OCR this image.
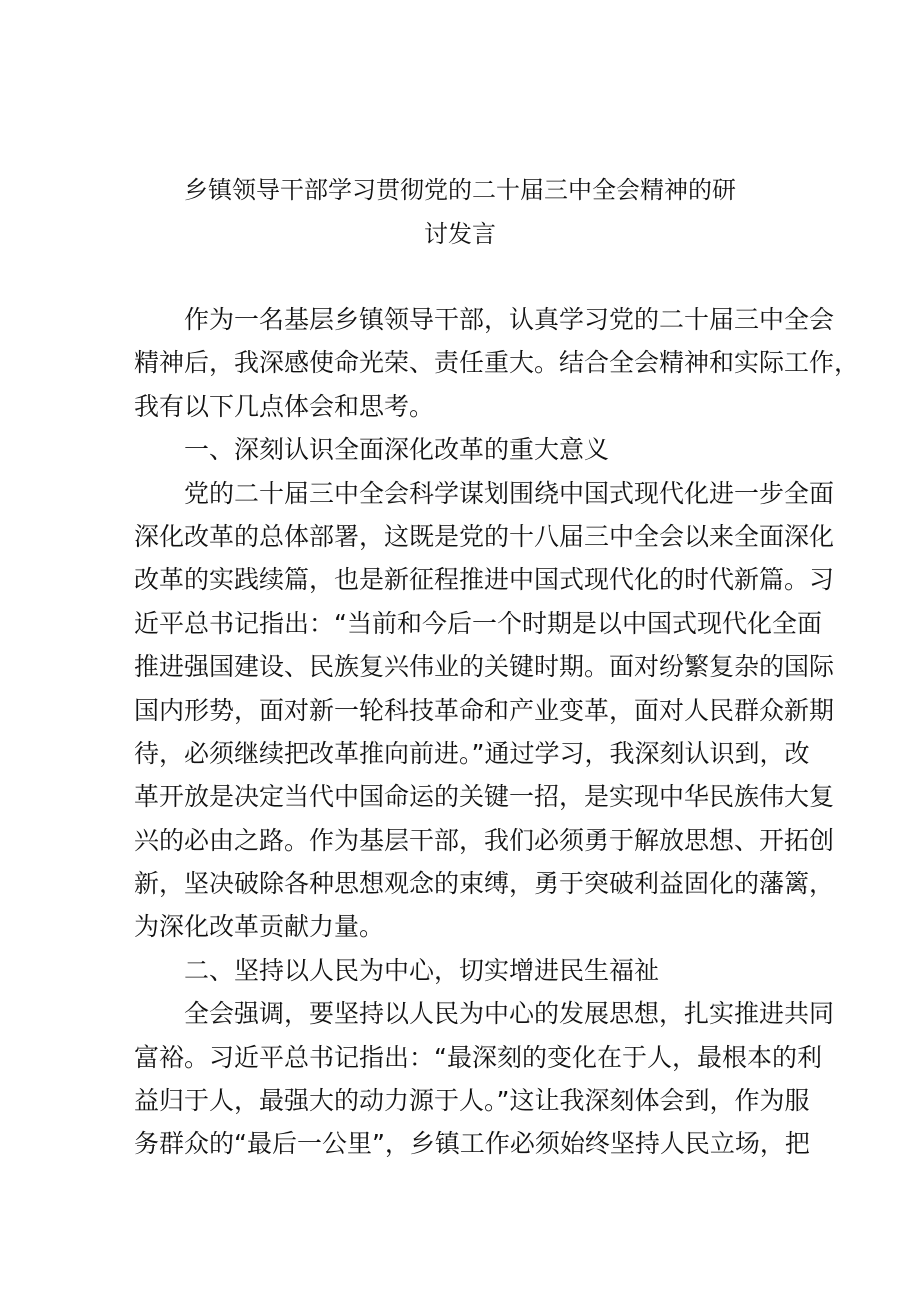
乡镇领导干部学习贯彻党的二十届三中全会精神的研
讨发言
作为一名基层乡镇领导干部，认真学习党的二十届三中全会
精神后，我深感使命光荣、责任重大。结合全会精神和实际工作，
我有以下几点体会和思考。
一、深刻认识全面深化改革的重大意义
党的二十届三中全会科学谋划围绕中国式现代化进一步全面
深化改革的总体部署，这既是党的十八届三中全会以来全面深化
改革的实践续篇，也是新征程推进中国式现代化的时代新篇。习
近平总书记指出：“当前和今后一个时期是以中国式现代化全面
推进强国建设、民族复兴伟业的关键时期。面对纷繁复杂的国际
国内形势，面对新一轮科技革命和产业变革，面对人民群众新期
待，必须继续把改革推向前进。”通过学习，我深刻认识到，改
革开放是决定当代中国命运的关键一招，是实现中华民族伟大复
兴的必由之路。作为基层干部，我们必须勇于解放思想、开拓创
新，坚决破除各种思想观念的束缚，勇于突破利益固化的藩篱，
为深化改革贡献力量。
二、坚持以人民为中心，切实增进民生福祉
全会强调，要坚持以人民为中心的发展思想，扎实推进共同
富裕。习近平总书记指出：“最深刻的变化在于人，最根本的利
益归于人，最强大的动力源于人。”这让我深刻体会到，作为服
务群众的“最后一公里”，乡镇工作必须始终坚持人民立场，把
